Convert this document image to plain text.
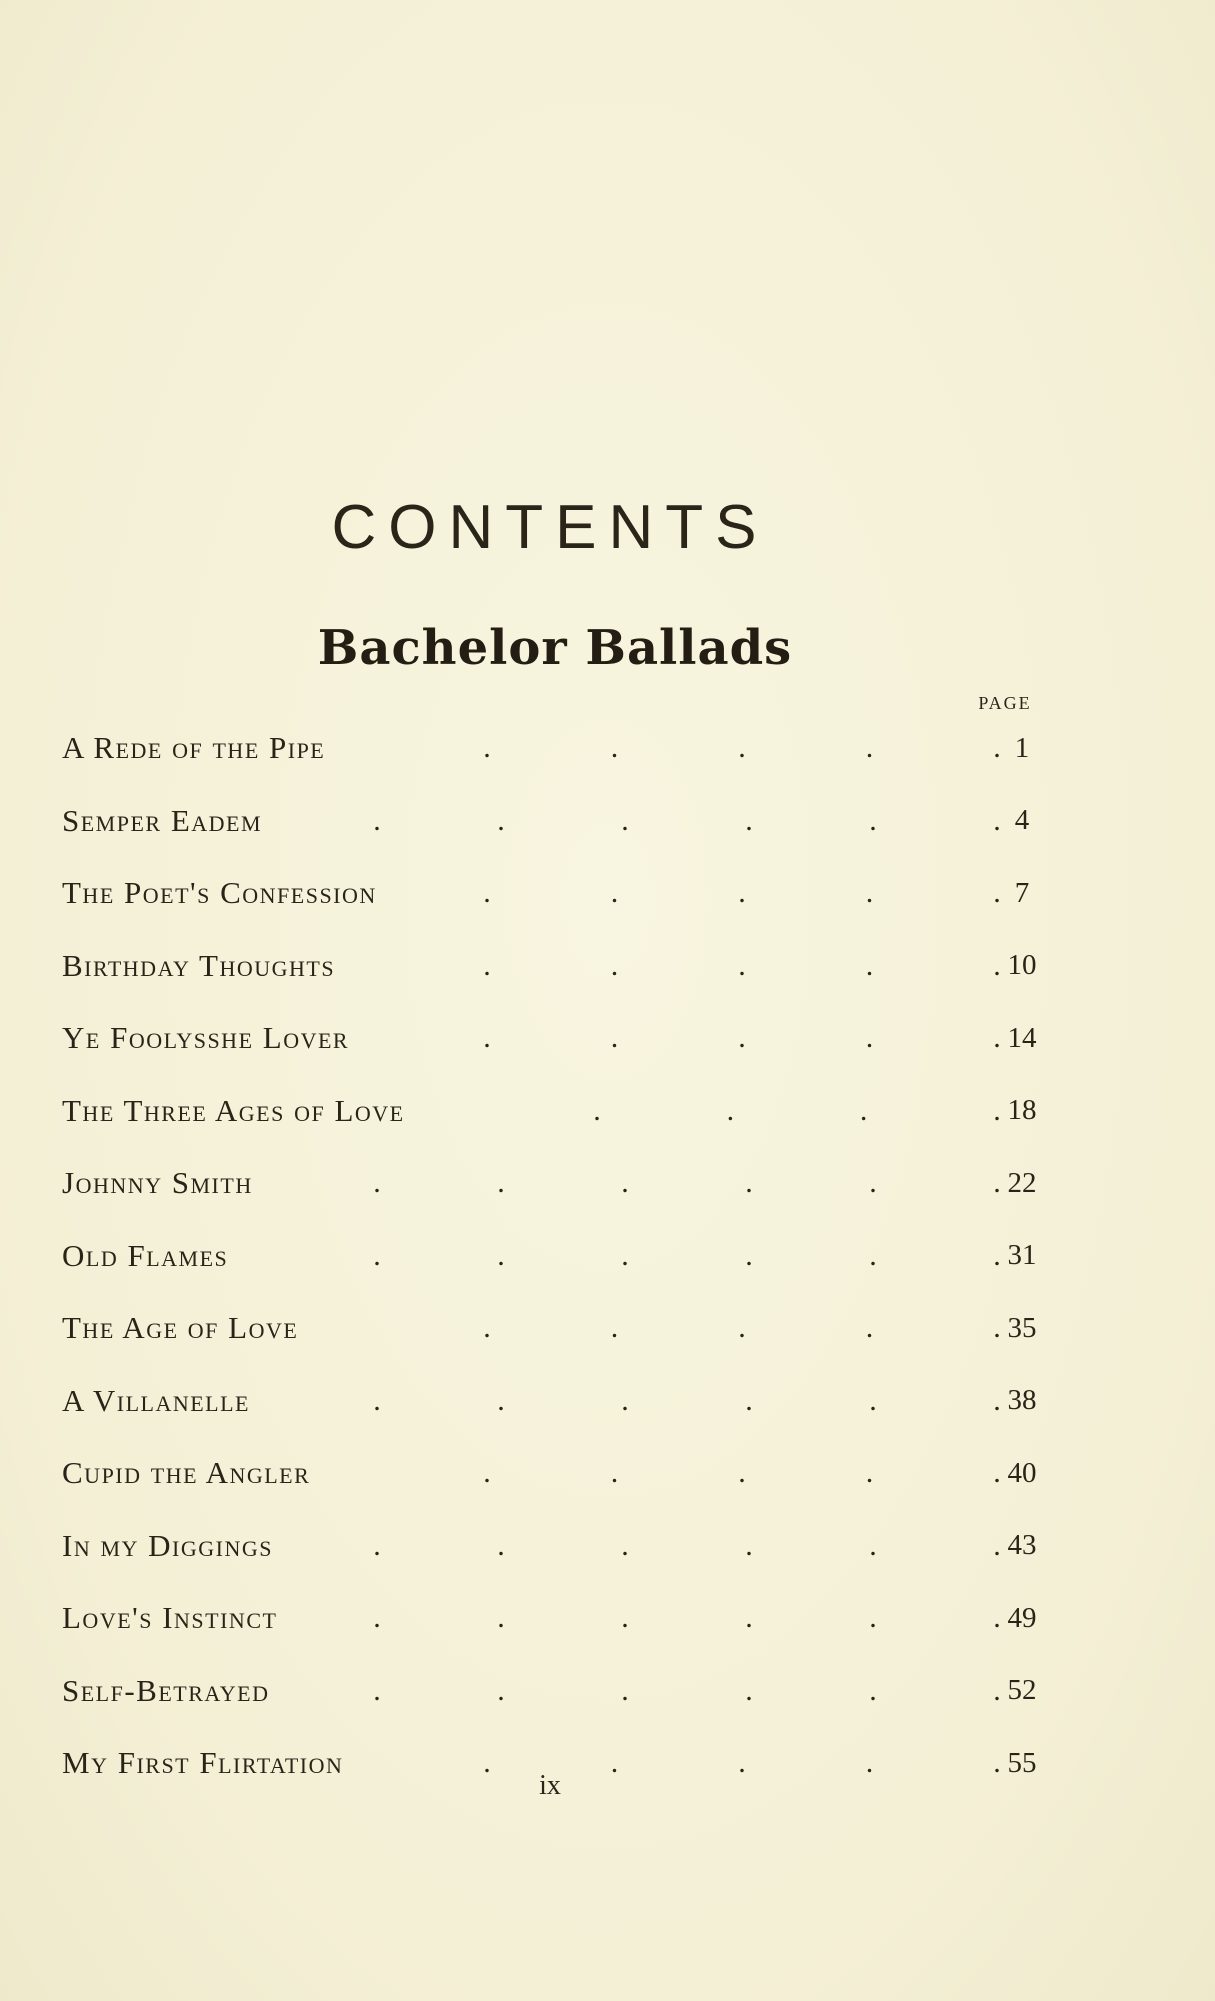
CONTENTS
Bachelor Ballads
PAGE
A Rede of the Pipe	.	.	.	.	. 1
Semper Eadem	.	.	.	.	.	. 4
The Poet's Confession	.	.	.	.	. 7
Birthday Thoughts	.	.	.	.	. 10
Ye Foolysshe Lover	.	.	.	.	. 14
The Three Ages of Love	.	.	.	. 18
Johnny Smith	.	.	.	.	.	. 22
Old Flames	.	.	.	.	.	. 31
The Age of Love	.	.	.	.	. 35
A Villanelle	.	.	.	.	.	. 38
Cupid the Angler	.	.	.	.	. 40
In my Diggings	.	.	.	.	.	. 43
Love's Instinct	.	.	.	.	.	. 49
Self-Betrayed	.	.	.	.	.	. 52
My First Flirtation	.	.	.	.	. 55
ix
